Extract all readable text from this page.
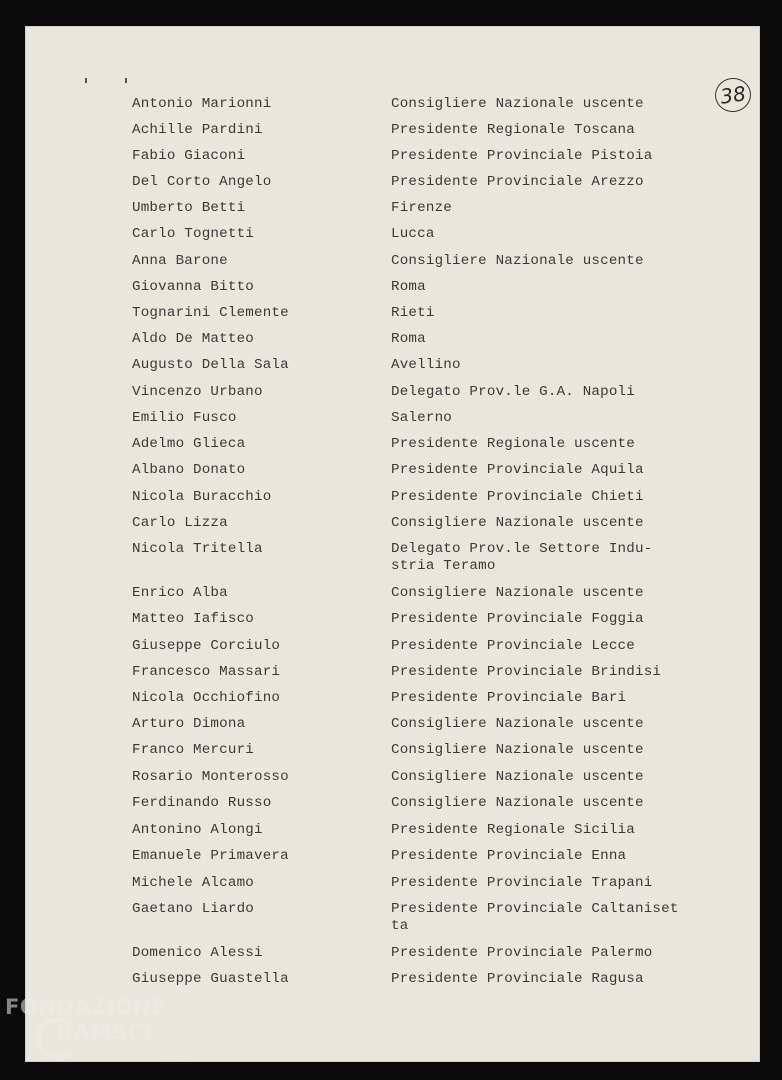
38
Antonio Marionni	Consigliere Nazionale uscente
Achille Pardini	Presidente Regionale Toscana
Fabio Giaconi	Presidente Provinciale Pistoia
Del Corto Angelo	Presidente Provinciale Arezzo
Umberto Betti	Firenze
Carlo Tognetti	Lucca
Anna Barone	Consigliere Nazionale uscente
Giovanna Bitto	Roma
Tognarini Clemente	Rieti
Aldo De Matteo	Roma
Augusto Della Sala	Avellino
Vincenzo Urbano	Delegato Prov.le G.A. Napoli
Emilio Fusco	Salerno
Adelmo Glieca	Presidente Regionale uscente
Albano Donato	Presidente Provinciale Aquila
Nicola Buracchio	Presidente Provinciale Chieti
Carlo Lizza	Consigliere Nazionale uscente
Nicola Tritella	Delegato Prov.le Settore Indu-
stria Teramo
Enrico Alba	Consigliere Nazionale uscente
Matteo Iafisco	Presidente Provinciale Foggia
Giuseppe Corciulo	Presidente Provinciale Lecce
Francesco Massari	Presidente Provinciale Brindisi
Nicola Occhiofino	Presidente Provinciale Bari
Arturo Dimona	Consigliere Nazionale uscente
Franco Mercuri	Consigliere Nazionale uscente
Rosario Monterosso	Consigliere Nazionale uscente
Ferdinando Russo	Consigliere Nazionale uscente
Antonino Alongi	Presidente Regionale Sicilia
Emanuele Primavera	Presidente Provinciale Enna
Michele Alcamo	Presidente Provinciale Trapani
Gaetano Liardo	Presidente Provinciale Caltaniset
ta
Domenico Alessi	Presidente Provinciale Palermo
Giuseppe Guastella	Presidente Provinciale Ragusa
FONDAZIONE
RAMSCI
onlus
